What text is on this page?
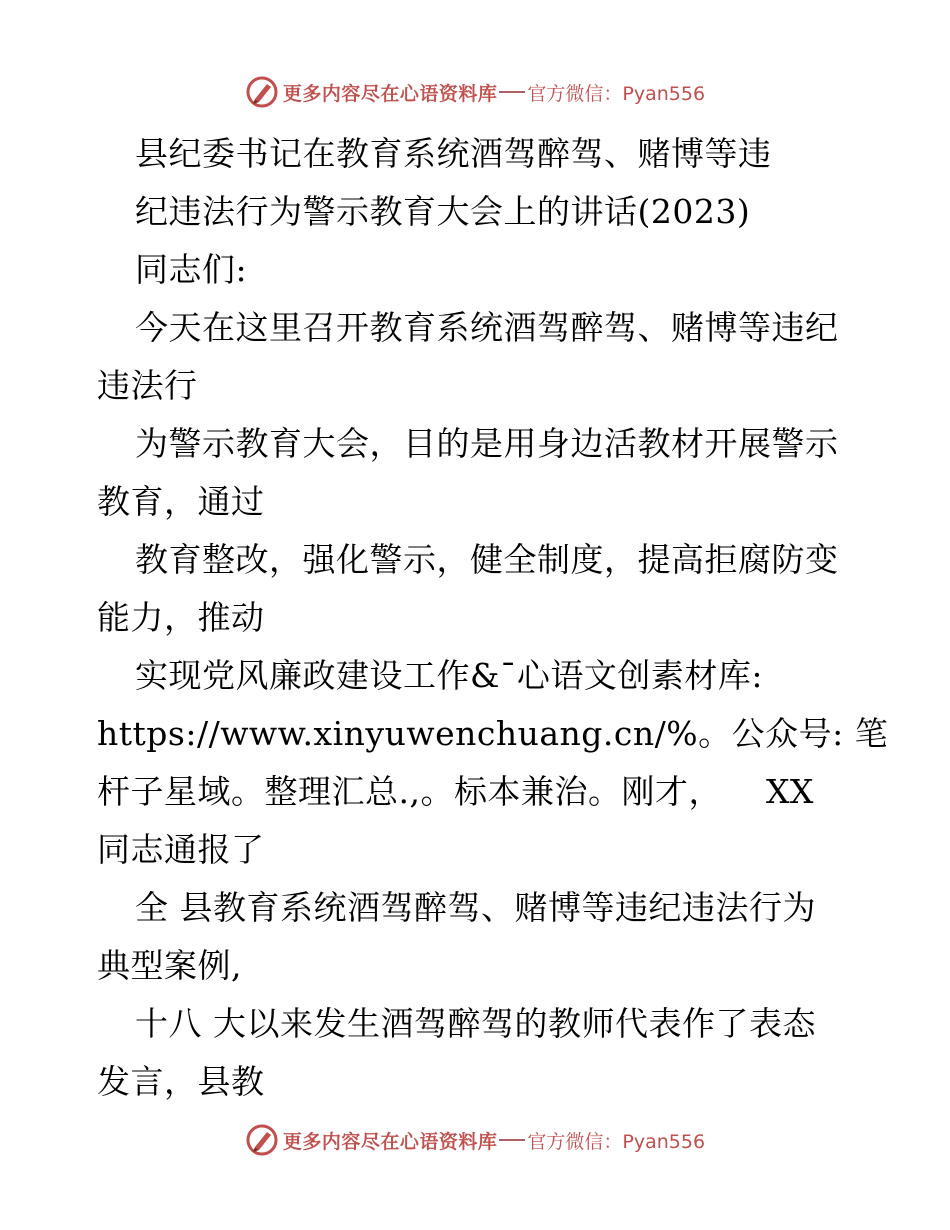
更多内容尽在心语资料库 官方微信：Pyan556
县纪委书记在教育系统酒驾醉驾、赌博等违
纪违法行为警示教育大会上的讲话(2023)
同志们:
今天在这里召开教育系统酒驾醉驾、赌博等违纪
违法行
为警示教育大会，目的是用身边活教材开展警示
教育，通过
教育整改，强化警示，健全制度，提高拒腐防变
能力，推动
实现党风廉政建设工作&¯心语文创素材库:
https://www.xinyuwenchuang.cn/%。公众号: 笔
杆子星域。整理汇总.,。标本兼治。刚才，    XX
同志通报了
全 县教育系统酒驾醉驾、赌博等违纪违法行为
典型案例,
十八 大以来发生酒驾醉驾的教师代表作了表态
发言，县教
更多内容尽在心语资料库 官方微信：Pyan556
